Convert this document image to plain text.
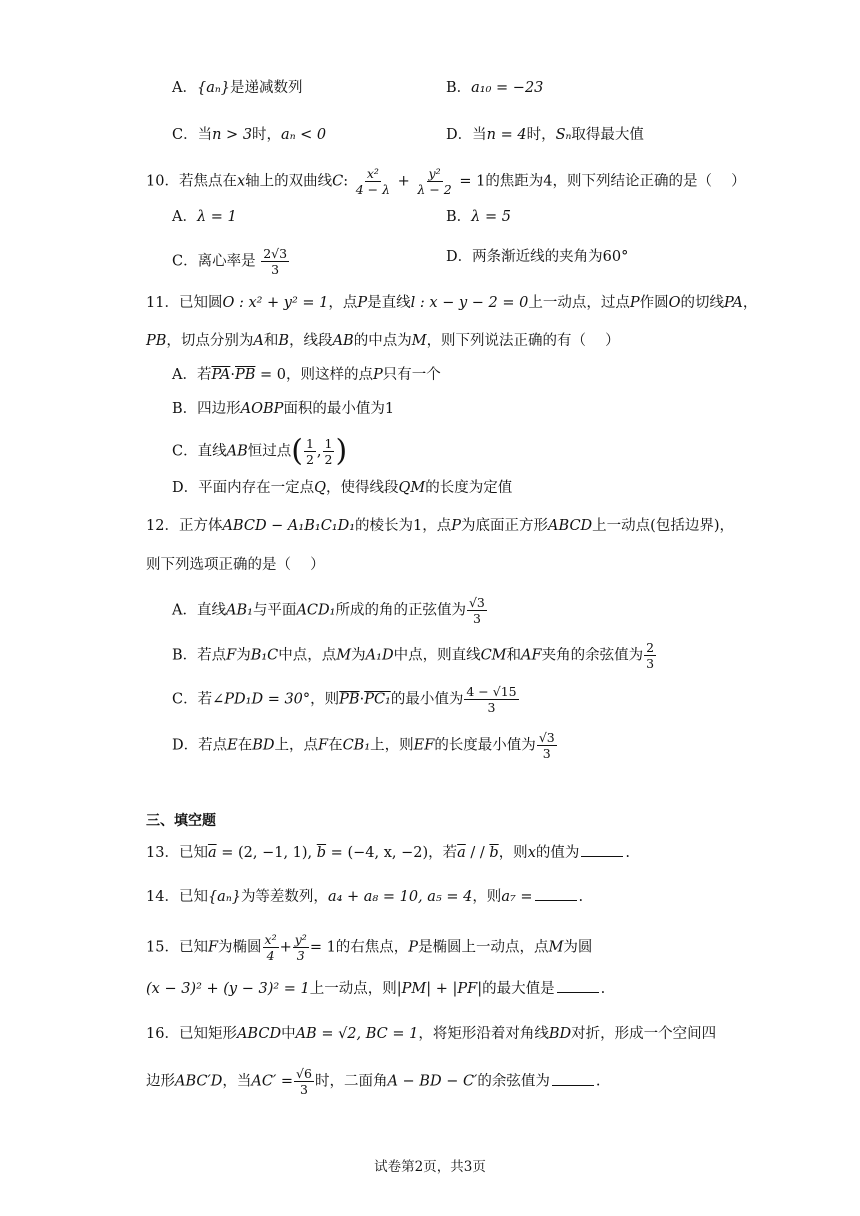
A．{aₙ}是递减数列	B．a₁₀ = −23
C．当n > 3时，aₙ < 0	D．当n = 4时，Sₙ取得最大值
10．若焦点在x轴上的双曲线C: $\frac{\text{x²}}{4 - \lambda} + \frac{\text{y²}}{\lambda - 2} = 1$的焦距为4，则下列结论正确的是（　 ）
A．λ = 1	B．λ = 5
C．离心率是 $\frac{2√3}{3}$	D．两条渐近线的夹角为60°
11．已知圆O : x² + y² = 1，点P是直线l : x − y − 2 = 0上一动点，过点P作圆O的切线PA，
PB，切点分别为A和B，线段AB的中点为M，则下列说法正确的有（　 ）
A．若$\overline{PA}\cdot\overline{PB} = 0$，则这样的点P只有一个
B．四边形AOBP面积的最小值为1
C．直线AB恒过点( $\frac{1}{2}$ , $\frac{1}{2}$ )
D．平面内存在一定点Q，使得线段QM的长度为定值
12．正方体ABCD − A₁B₁C₁D₁的棱长为1，点P为底面正方形ABCD上一动点(包括边界)，
则下列选项正确的是（　 ）
A．直线AB₁与平面ACD₁所成的角的正弦值为 $\frac{√3}{3}$
B．若点F为B₁C中点，点M为A₁D中点，则直线CM和AF夹角的余弦值为 $\frac{2}{3}$
C．若∠PD₁D = 30°，则$\overline{PB}\cdot PC_1$的最小值为 $\frac{4 - √15}{3}$
D．若点E在BD上，点F在CB₁上，则EF的长度最小值为 $\frac{√3}{3}$
三、填空题
13．已知$\overline{a} = (2$, −1, 1), $\overline{b} = (-4$, x, −2)，若$\overline{a}$ / / $\overline{b}$，则x的值为	.
14．已知{aₙ}为等差数列，a₄ + a₈ = 10, a₅ = 4，则a₇ =	.
15．已知F为椭圆 $\frac{\text{x²}}{4} + \frac{\text{y²}}{3} = 1$的右焦点，P是椭圆上一动点，点M为圆
(x − 3)² + (y − 3)² = 1上一动点，则|PM| + |PF|的最大值是	.
16．已知矩形ABCD中AB = √2, BC = 1，将矩形沿着对角线BD对折，形成一个空间四
边形ABC′D，当$AC' = \frac{√6}{3}$ 时，二面角A − BD − C′的余弦值为	.
试卷第2页，共3页
